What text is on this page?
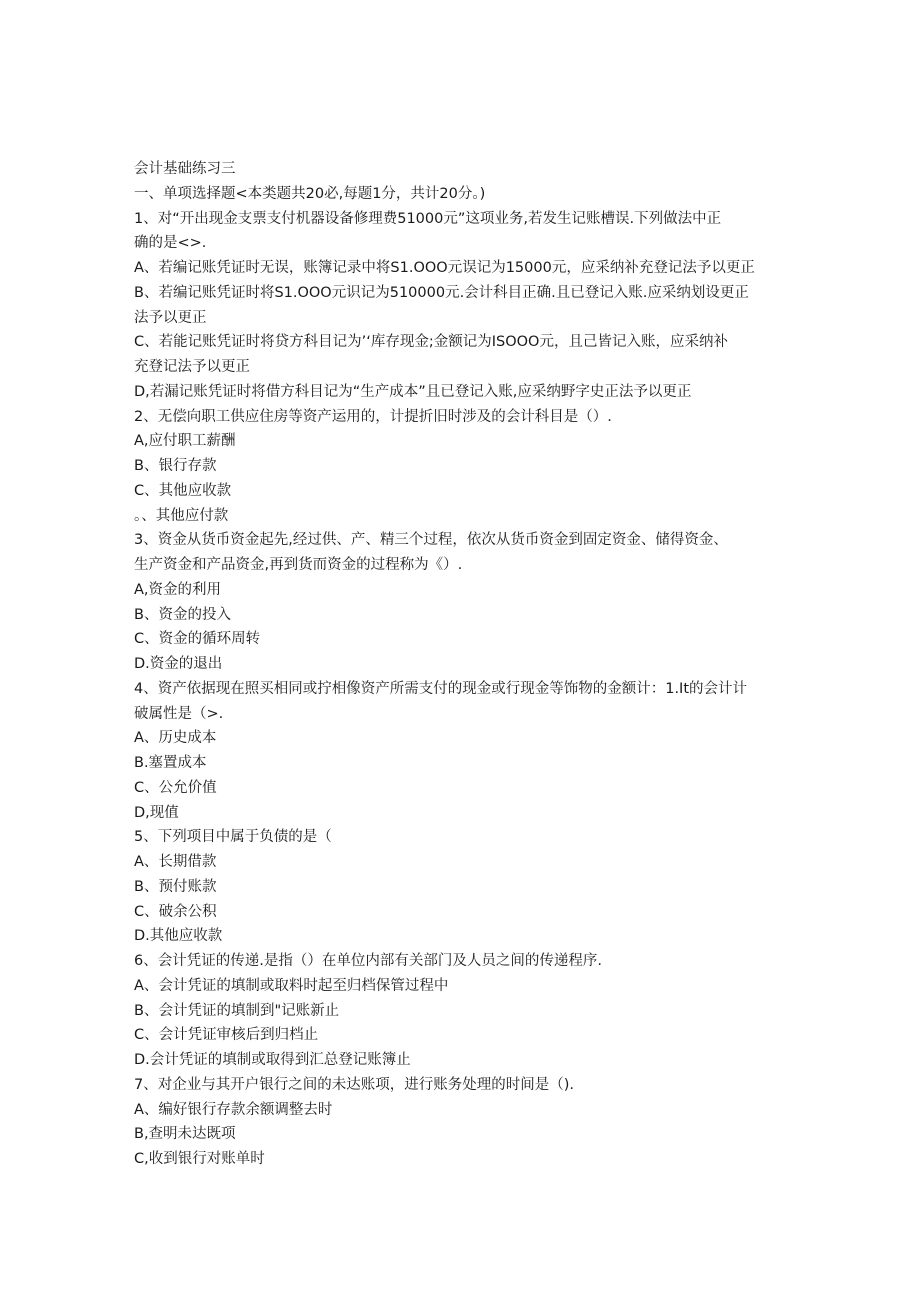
会计基础练习三
一、单项选择题<本类题共20必,每题1分，共计20分。)
1、对“开出现金支票支付机器设备修理费51000元”这项业务,若发生记账槽误.下列做法中正
确的是<>.
A、若编记账凭证时无误，账簿记录中将S1.OOO元误记为15000元，应采纳补充登记法予以更正
B、若编记账凭证时将S1.OOO元识记为510000元.会计科目正确.且已登记入账.应采纳划设更正
法予以更正
C、若能记账凭证时将贷方科目记为’‘库存现金;金额记为ISOOO元，且己皆记入账，应采纳补
充登记法予以更正
D,若漏记账凭证时将借方科目记为“生产成本”且已登记入账,应采纳野字史正法予以更正
2、无偿向职工供应住房等资产运用的，计提折旧时涉及的会计科目是（）.
A,应付职工薪酬
B、银行存款
C、其他应收款
。、其他应付款
3、资金从货币资金起先,经过供、产、精三个过程，依次从货币资金到固定资金、储得资金、
生产资金和产品资金,再到货而资金的过程称为《）.
A,资金的利用
B、资金的投入
C、资金的循环周转
D.资金的退出
4、资产依据现在照买相同或拧相像资产所需支付的现金或行现金等饰物的金额计：1.It的会计计
破属性是（>.
A、历史成本
B.塞置成本
C、公允价值
D,现值
5、下列项目中属于负债的是（
A、长期借款
B、预付账款
C、破余公积
D.其他应收款
6、会计凭证的传递.是指（）在单位内部有关部门及人员之间的传递程序.
A、会计凭证的填制或取料时起至归档保管过程中
B、会计凭证的填制到"记账新止
C、会计凭证审核后到归档止
D.会计凭证的填制或取得到汇总登记账簿止
7、对企业与其开户银行之间的未达账项，进行账务处理的时间是（).
A、编好银行存款余额调整去时
B,查明未达既项
C,收到银行对账单时
